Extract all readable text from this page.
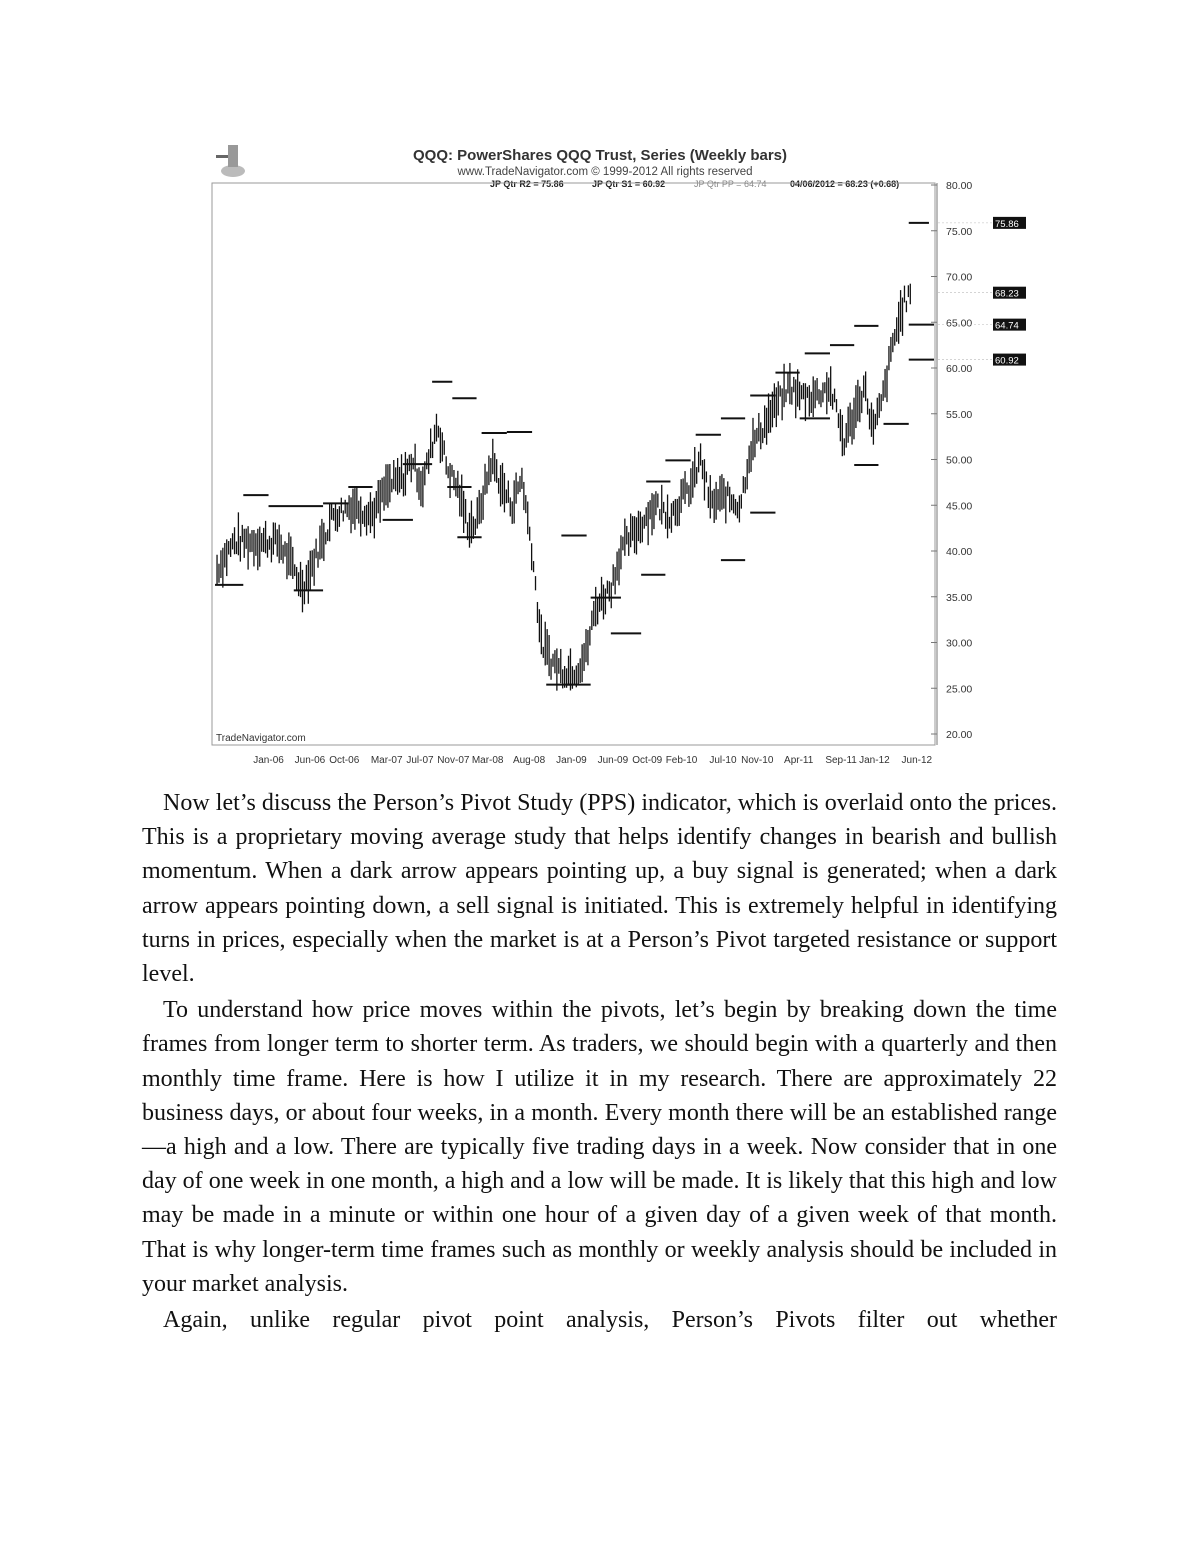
QQQ: PowerShares QQQ Trust, Series (Weekly bars)
www.TradeNavigator.com © 1999-2012 All rights reserved
JP Qtr R2 = 75.86	JP Qtr S1 = 60.92	JP Qtr PP = 64.74	04/06/2012 = 68.23 (+0.68)
20.00
25.00
30.00
35.00
40.00
45.00
50.00
55.00
60.00
65.00
70.00
75.00
80.00
75.86
68.23
64.74
60.92
Jan-06 Jun-06 Oct-06 Mar-07 Jul-07 Nov-07 Mar-08 Aug-08 Jan-09 Jun-09 Oct-09 Feb-10 Jul-10 Nov-10 Apr-11 Sep-11 Jan-12 Jun-12
TradeNavigator.com

Now let’s discuss the Person’s Pivot Study (PPS) indicator, which is overlaid onto the prices. This is a proprietary moving average study that helps identify changes in bearish and bullish momentum. When a dark arrow appears pointing up, a buy signal is generated; when a dark arrow appears pointing down, a sell signal is initiated. This is extremely helpful in identifying turns in prices, especially when the market is at a Person’s Pivot targeted resistance or support level.

To understand how price moves within the pivots, let’s begin by breaking down the time frames from longer term to shorter term. As traders, we should begin with a quarterly and then monthly time frame. Here is how I utilize it in my research. There are approximately 22 business days, or about four weeks, in a month. Every month there will be an established range—a high and a low. There are typically five trading days in a week. Now consider that in one day of one week in one month, a high and a low will be made. It is likely that this high and low may be made in a minute or within one hour of a given day of a given week of that month. That is why longer-term time frames such as monthly or weekly analysis should be included in your market analysis.

Again, unlike regular pivot point analysis, Person’s Pivots filter out whether
